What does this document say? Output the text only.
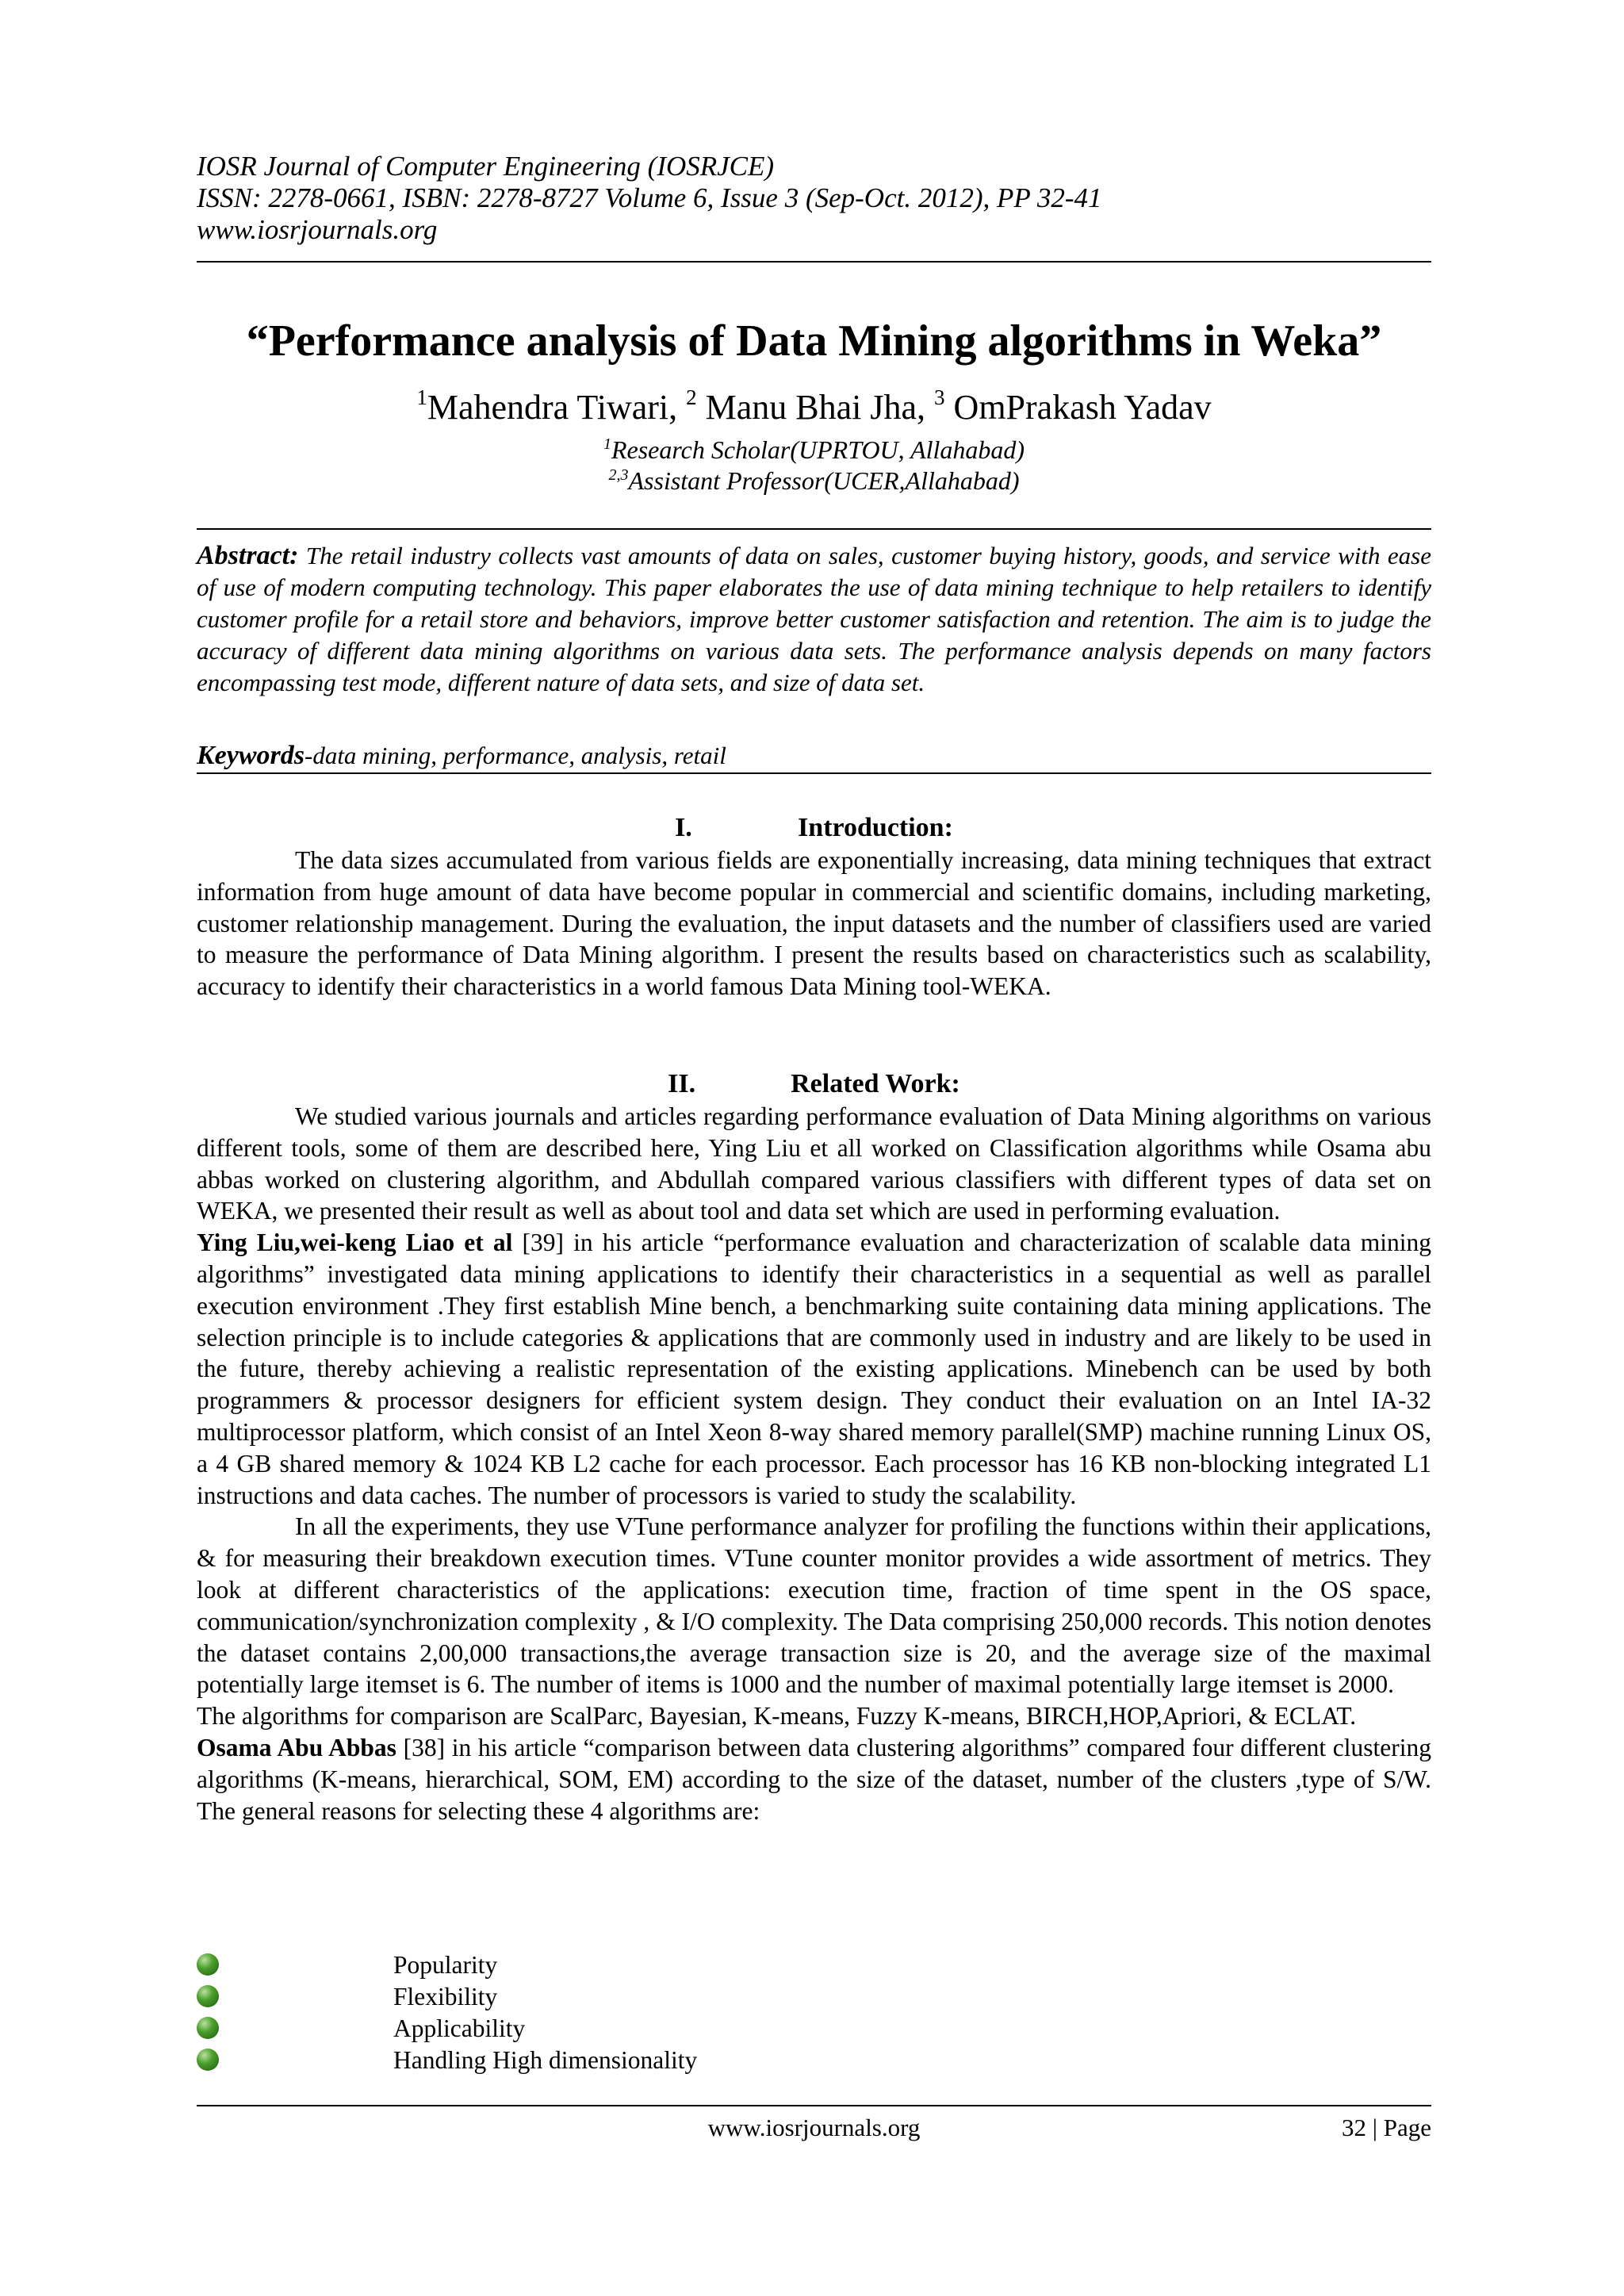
IOSR Journal of Computer Engineering (IOSRJCE)
ISSN: 2278-0661, ISBN: 2278-8727 Volume 6, Issue 3 (Sep-Oct. 2012), PP 32-41
www.iosrjournals.org
“Performance analysis of Data Mining algorithms in Weka”
$^1$Mahendra Tiwari, $^2$ Manu Bhai Jha, $^3$ OmPrakash Yadav
$^1$Research Scholar(UPRTOU, Allahabad)
$^{2,3}$Assistant Professor(UCER,Allahabad)
Abstract: The retail industry collects vast amounts of data on sales, customer buying history, goods, and service with ease of use of modern computing technology. This paper elaborates the use of data mining technique to help retailers to identify customer profile for a retail store and behaviors, improve better customer satisfaction and retention. The aim is to judge the accuracy of different data mining algorithms on various data sets. The performance analysis depends on many factors encompassing test mode, different nature of data sets, and size of data set.
Keywords-data mining, performance, analysis, retail
I.	Introduction:

The data sizes accumulated from various fields are exponentially increasing, data mining techniques that extract information from huge amount of data have become popular in commercial and scientific domains, including marketing, customer relationship management. During the evaluation, the input datasets and the number of classifiers used are varied to measure the performance of Data Mining algorithm. I present the results based on characteristics such as scalability, accuracy to identify their characteristics in a world famous Data Mining tool-WEKA.

II.	Related Work:

We studied various journals and articles regarding performance evaluation of Data Mining algorithms on various different tools, some of them are described here, Ying Liu et all worked on Classification algorithms while Osama abu abbas worked on clustering algorithm, and Abdullah compared various classifiers with different types of data set on WEKA, we presented their result as well as about tool and data set which are used in performing evaluation.

Ying Liu,wei-keng Liao et al [39] in his article “performance evaluation and characterization of scalable data mining algorithms” investigated data mining applications to identify their characteristics in a sequential as well as parallel execution environment .They first establish Mine bench, a benchmarking suite containing data mining applications. The selection principle is to include categories & applications that are commonly used in industry and are likely to be used in the future, thereby achieving a realistic representation of the existing applications. Minebench can be used by both programmers & processor designers for efficient system design. They conduct their evaluation on an Intel IA-32 multiprocessor platform, which consist of an Intel Xeon 8-way shared memory parallel(SMP) machine running Linux OS, a 4 GB shared memory & 1024 KB L2 cache for each processor. Each processor has 16 KB non-blocking integrated L1 instructions and data caches. The number of processors is varied to study the scalability.

In all the experiments, they use VTune performance analyzer for profiling the functions within their applications, & for measuring their breakdown execution times. VTune counter monitor provides a wide assortment of metrics. They look at different characteristics of the applications: execution time, fraction of time spent in the OS space, communication/synchronization complexity , & I/O complexity. The Data comprising 250,000 records. This notion denotes the dataset contains 2,00,000 transactions,the average transaction size is 20, and the average size of the maximal potentially large itemset is 6. The number of items is 1000 and the number of maximal potentially large itemset is 2000.

The algorithms for comparison are ScalParc, Bayesian, K-means, Fuzzy K-means, BIRCH,HOP,Apriori, & ECLAT.

Osama Abu Abbas [38] in his article “comparison between data clustering algorithms” compared four different clustering algorithms (K-means, hierarchical, SOM, EM) according to the size of the dataset, number of the clusters ,type of S/W. The general reasons for selecting these 4 algorithms are:

Popularity
Flexibility
Applicability
Handling High dimensionality
www.iosrjournals.org	32 | Page
